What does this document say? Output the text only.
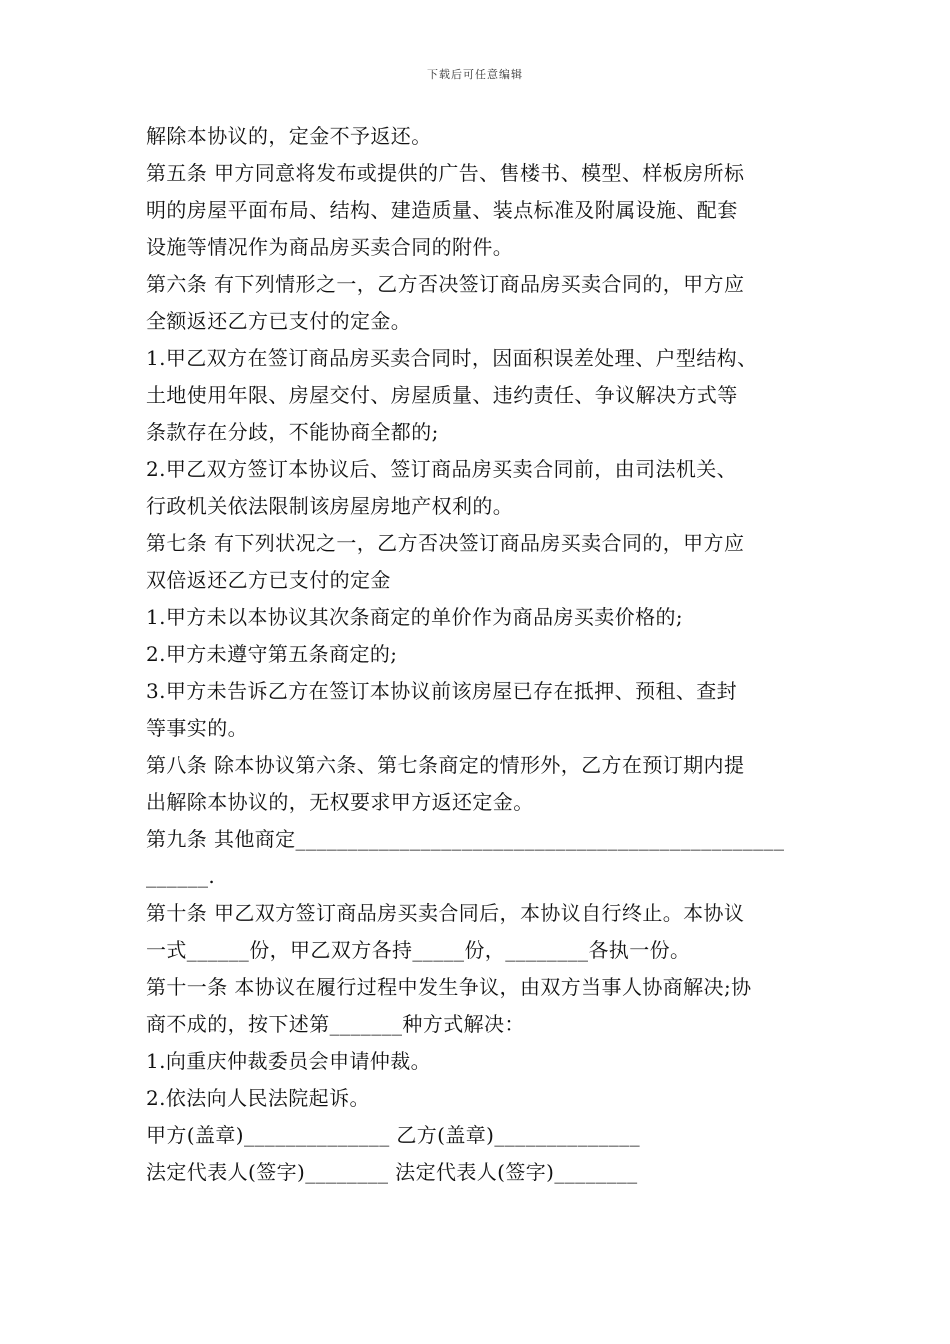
下载后可任意编辑
解除本协议的，定金不予返还。
第五条 甲方同意将发布或提供的广告、售楼书、模型、样板房所标
明的房屋平面布局、结构、建造质量、装点标准及附属设施、配套
设施等情况作为商品房买卖合同的附件。
第六条 有下列情形之一，乙方否决签订商品房买卖合同的，甲方应
全额返还乙方已支付的定金。
1.甲乙双方在签订商品房买卖合同时，因面积误差处理、户型结构、
土地使用年限、房屋交付、房屋质量、违约责任、争议解决方式等
条款存在分歧，不能协商全都的;
2.甲乙双方签订本协议后、签订商品房买卖合同前，由司法机关、
行政机关依法限制该房屋房地产权利的。
第七条 有下列状况之一，乙方否决签订商品房买卖合同的，甲方应
双倍返还乙方已支付的定金
1.甲方未以本协议其次条商定的单价作为商品房买卖价格的;
2.甲方未遵守第五条商定的;
3.甲方未告诉乙方在签订本协议前该房屋已存在抵押、预租、查封
等事实的。
第八条 除本协议第六条、第七条商定的情形外，乙方在预订期内提
出解除本协议的，无权要求甲方返还定金。
第九条 其他商定_______________________________________________
______.
第十条 甲乙双方签订商品房买卖合同后，本协议自行终止。本协议
一式______份，甲乙双方各持_____份，________各执一份。
第十一条 本协议在履行过程中发生争议，由双方当事人协商解决;协
商不成的，按下述第_______种方式解决：
1.向重庆仲裁委员会申请仲裁。
2.依法向人民法院起诉。
甲方(盖章)______________ 乙方(盖章)______________
法定代表人(签字)________ 法定代表人(签字)________
